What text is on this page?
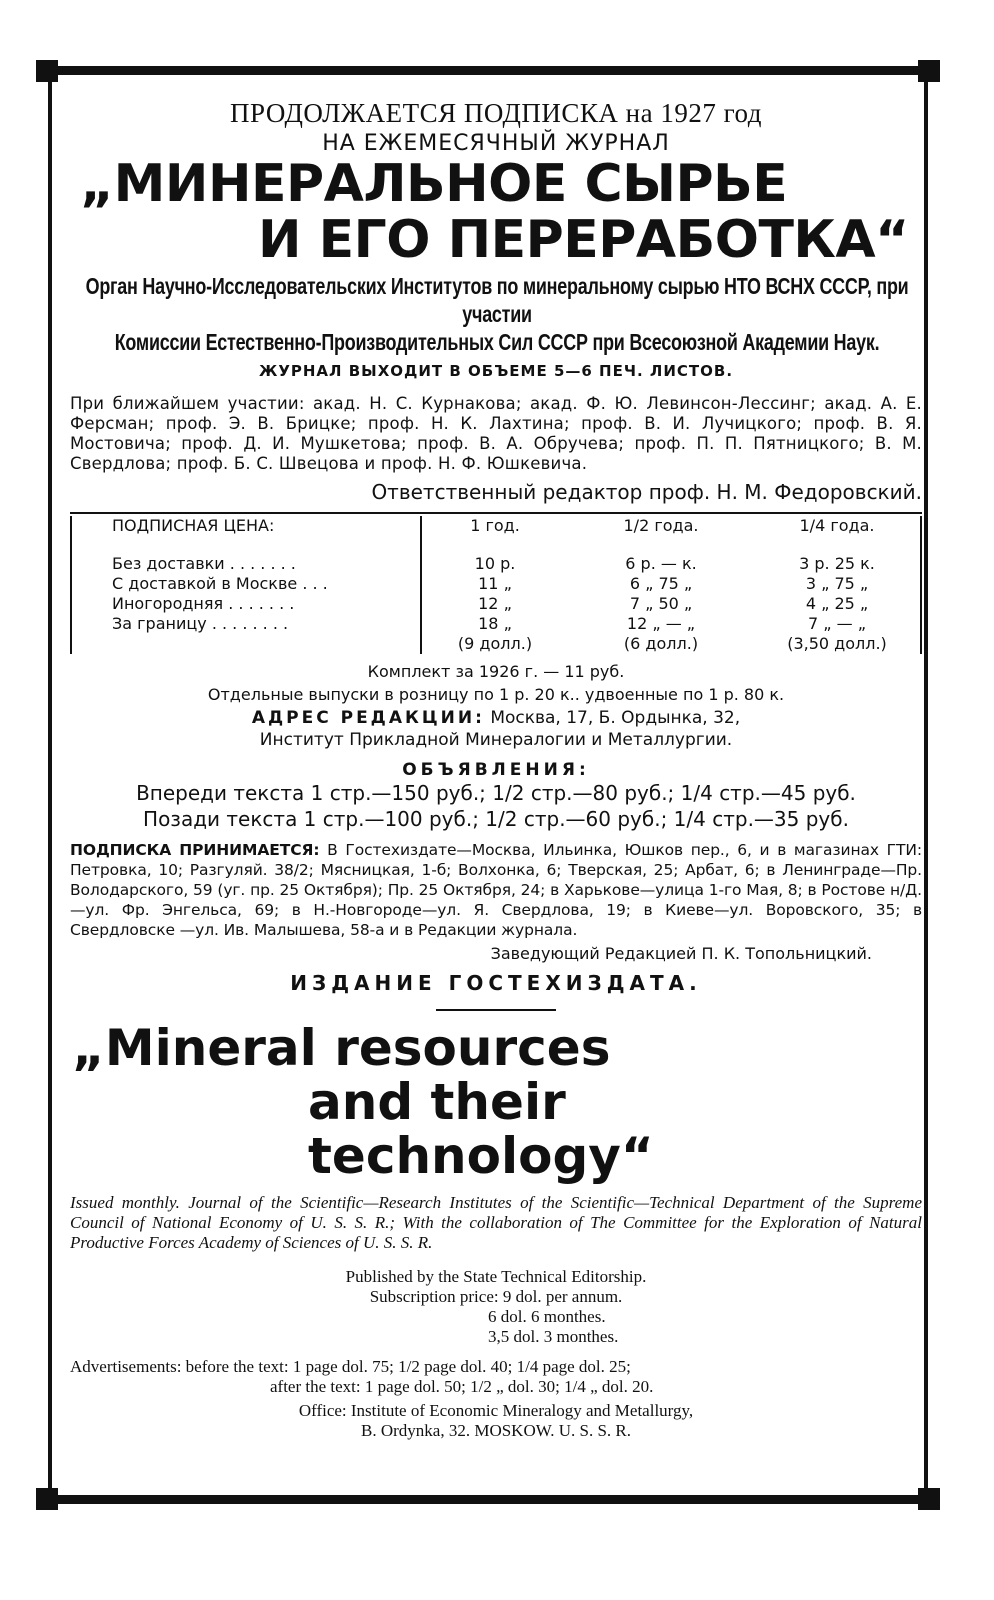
ПРОДОЛЖАЕТСЯ ПОДПИСКА на 1927 год
НА ЕЖЕМЕСЯЧНЫЙ ЖУРНАЛ
„МИНЕРАЛЬНОЕ СЫРЬЕ
И ЕГО ПЕРЕРАБОТКА“
Орган Научно-Исследовательских Институтов по минеральному сырью НТО ВСНХ СССР, при участии
Комиссии Естественно-Производительных Сил СССР при Всесоюзной Академии Наук.
ЖУРНАЛ ВЫХОДИТ В ОБЪЕМЕ 5—6 ПЕЧ. ЛИСТОВ.
При ближайшем участии: акад. Н. С. Курнакова; акад. Ф. Ю. Левинсон-Лессинг; акад. А. Е. Ферсман; проф. Э. В. Брицке; проф. Н. К. Лахтина; проф. В. И. Лучицкого; проф. В. Я. Мостовича; проф. Д. И. Мушкетова; проф. В. А. Обручева; проф. П. П. Пятницкого; В. М. Свердлова; проф. Б. С. Швецова и проф. Н. Ф. Юшкевича.
Ответственный редактор проф. Н. М. Федоровский.
ПОДПИСНАЯ ЦЕНА:	1 год.	1/2 года.	1/4 года.
Без доставки . . . . . . .	10 р.	6 р. — к.	3 р. 25 к.
С доставкой в Москве . . .	11 „	6 „ 75 „	3 „ 75 „
Иногородняя . . . . . . .	12 „	7 „ 50 „	4 „ 25 „
За границу . . . . . . . .	18 „	12 „ — „	7 „ — „
	(9 долл.)	(6 долл.)	(3,50 долл.)
Комплект за 1926 г. — 11 руб.
Отдельные выпуски в розницу по 1 р. 20 к.. удвоенные по 1 р. 80 к.
АДРЕС РЕДАКЦИИ: Москва, 17, Б. Ордынка, 32,
Институт Прикладной Минералогии и Металлургии.
ОБЪЯВЛЕНИЯ:
Впереди текста 1 стр.—150 руб.; 1/2 стр.—80 руб.; 1/4 стр.—45 руб.
Позади текста 1 стр.—100 руб.; 1/2 стр.—60 руб.; 1/4 стр.—35 руб.
ПОДПИСКА ПРИНИМАЕТСЯ: В Гостехиздате—Москва, Ильинка, Юшков пер., 6, и в магазинах ГТИ: Петровка, 10; Разгуляй. 38/2; Мясницкая, 1-б; Волхонка, 6; Тверская, 25; Арбат, 6; в Ленинграде—Пр. Володарского, 59 (уг. пр. 25 Октября); Пр. 25 Октября, 24; в Харькове—улица 1-го Мая, 8; в Ростове н/Д.—ул. Фр. Энгельса, 69; в Н.-Новгороде—ул. Я. Свердлова, 19; в Киеве—ул. Воровского, 35; в Свердловске —ул. Ив. Малышева, 58-а и в Редакции журнала.
Заведующий Редакцией П. К. Топольницкий.
ИЗДАНИЕ ГОСТЕХИЗДАТА.
„Mineral resources
and their technology“
Issued monthly. Journal of the Scientific—Research Institutes of the Scientific—Technical Department of the Supreme Council of National Economy of U. S. S. R.; With the collaboration of The Committee for the Exploration of Natural Productive Forces Academy of Sciences of U. S. S. R.
Published by the State Technical Editorship.
Subscription price: 9 dol. per annum.
6 dol. 6 monthes.
3,5 dol. 3 monthes.
Advertisements: before the text: 1 page dol. 75; 1/2 page dol. 40; 1/4 page dol. 25;
after the text: 1 page dol. 50; 1/2 „ dol. 30; 1/4 „ dol. 20.
Office: Institute of Economic Mineralogy and Metallurgy,
B. Ordynka, 32. MOSKOW. U. S. S. R.
